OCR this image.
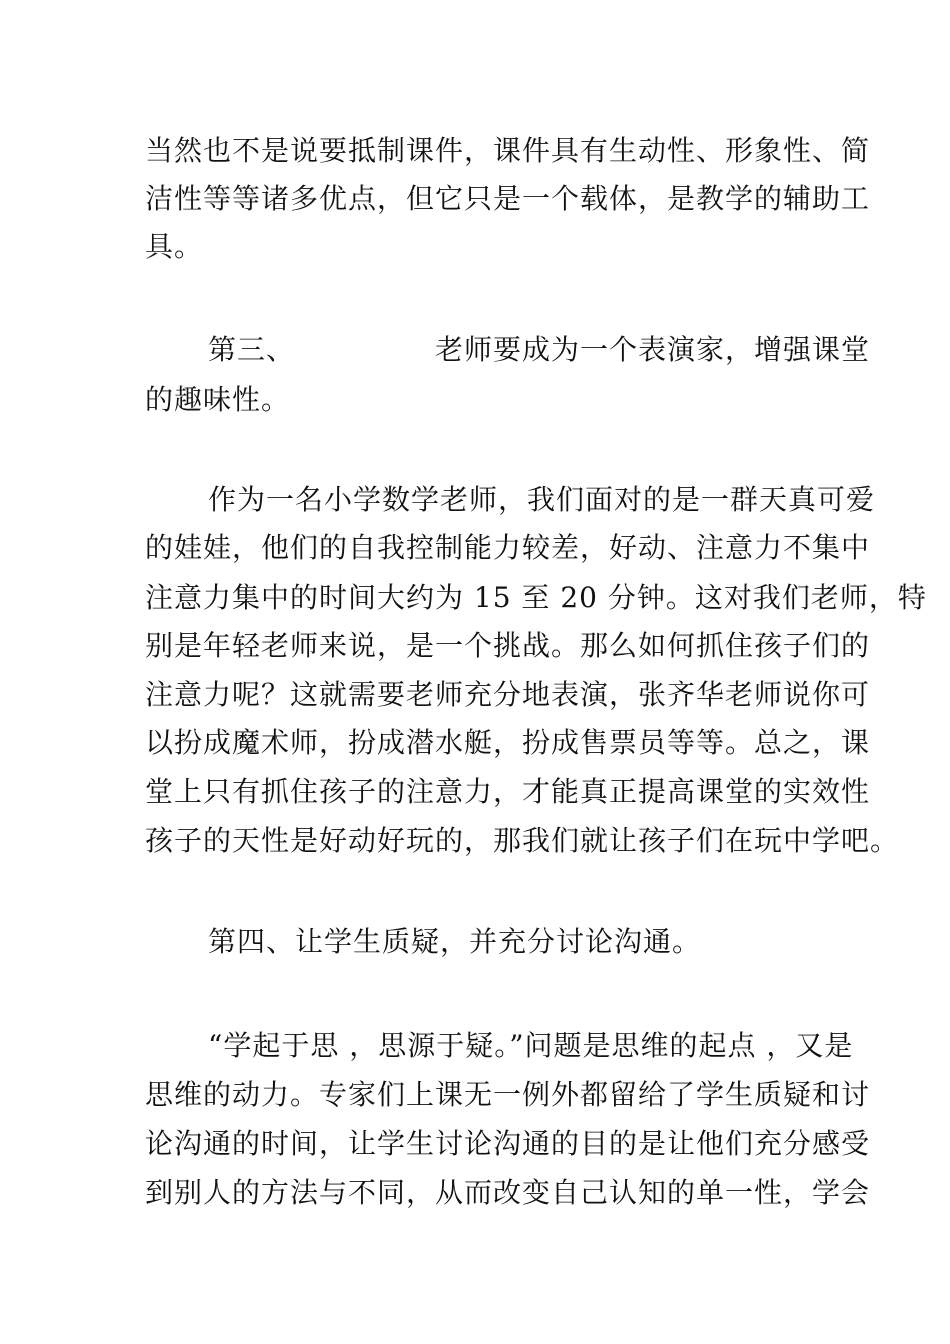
当然也不是说要抵制课件，课件具有生动性、形象性、简
洁性等等诸多优点，但它只是一个载体，是教学的辅助工
具。
第三、	老师要成为一个表演家，增强课堂
的趣味性。
作为一名小学数学老师，我们面对的是一群天真可爱
的娃娃，他们的自我控制能力较差，好动、注意力不集中
注意力集中的时间大约为 15 至 20 分钟。这对我们老师，特
别是年轻老师来说，是一个挑战。那么如何抓住孩子们的
注意力呢？这就需要老师充分地表演，张齐华老师说你可
以扮成魔术师，扮成潜水艇，扮成售票员等等。总之，课
堂上只有抓住孩子的注意力，才能真正提高课堂的实效性
孩子的天性是好动好玩的，那我们就让孩子们在玩中学吧。
第四、让学生质疑，并充分讨论沟通。
“学起于思 ，思源于疑。”问题是思维的起点 ，又是
思维的动力。专家们上课无一例外都留给了学生质疑和讨
论沟通的时间，让学生讨论沟通的目的是让他们充分感受
到别人的方法与不同，从而改变自己认知的单一性，学会
